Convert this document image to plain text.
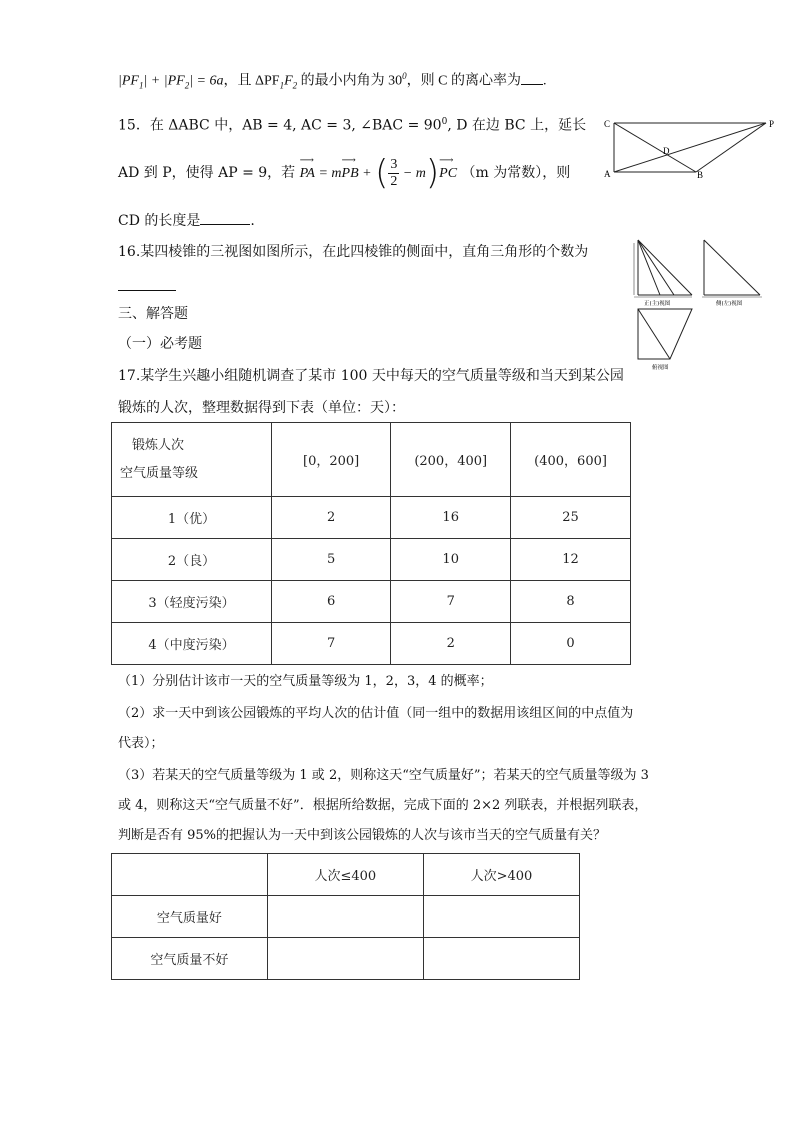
$|PF_1| + |PF_2| = 6a$，且 $\Delta PF_1F_2$ 的最小内角为 $30^0$，则 C 的离心率为 .
15．在 ΔABC 中，AB = 4, AC = 3, ∠BAC = $90^0$, D 在边 BC 上，延长
AD 到 P，使得 AP = 9，若
⟶
PA = m
⟶
PB + ( $\frac{3}{2} - m$) ⟶
PC （m 为常数），则
CD 的长度是	.
C	P
D
A	B
16.某四棱锥的三视图如图所示，在此四棱锥的侧面中，直角三角形的个数为
正(主)视图	侧(左)视图
俯视图
三、解答题
（一）必考题
17.某学生兴趣小组随机调查了某市 100 天中每天的空气质量等级和当天到某公园
锻炼的人次，整理数据得到下表（单位：天）：
锻炼人次
空气质量等级	[0，200]	(200，400]	(400，600]
1（优）	2	16	25
2（良）	5	10	12
3（轻度污染）	6	7	8
4（中度污染）	7	2	0
（1）分别估计该市一天的空气质量等级为 1，2，3，4 的概率；
（2）求一天中到该公园锻炼的平均人次的估计值（同一组中的数据用该组区间的中点值为
代表）；
（3）若某天的空气质量等级为 1 或 2，则称这天“空气质量好”；若某天的空气质量等级为 3
或 4，则称这天“空气质量不好”．根据所给数据，完成下面的 2×2 列联表，并根据列联表，
判断是否有 95%的把握认为一天中到该公园锻炼的人次与该市当天的空气质量有关？
	人次≤400	人次>400
空气质量好		
空气质量不好		
